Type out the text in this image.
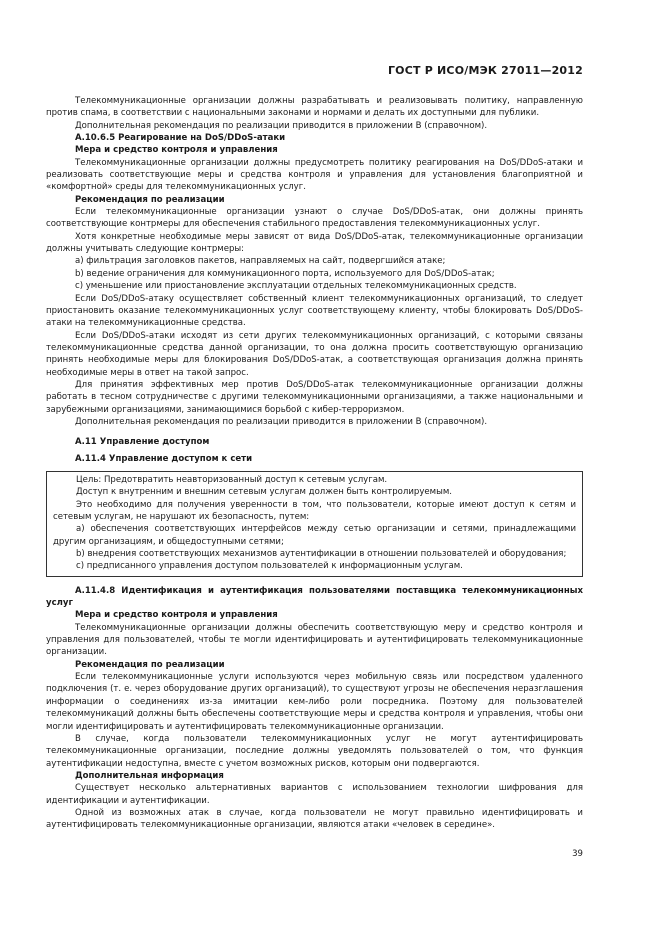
ГОСТ Р ИСО/МЭК 27011—2012

Телекоммуникационные организации должны разрабатывать и реализовывать политику, направленную против спама, в соответствии с национальными законами и нормами и делать их доступными для публики.

Дополнительная рекомендация по реализации приводится в приложении В (справочном).

А.10.6.5 Реагирование на DoS/DDoS-атаки

Мера и средство контроля и управления

Телекоммуникационные организации должны предусмотреть политику реагирования на DoS/DDoS-атаки и реализовать соответствующие меры и средства контроля и управления для установления благоприятной и «комфортной» среды для телекоммуникационных услуг.

Рекомендация по реализации

Если телекоммуникационные организации узнают о случае DoS/DDoS-атак, они должны принять соответствующие контрмеры для обеспечения стабильного предоставления телекоммуникационных услуг.

Хотя конкретные необходимые меры зависят от вида DoS/DDoS-атак, телекоммуникационные организации должны учитывать следующие контрмеры:

а) фильтрация заголовков пакетов, направляемых на сайт, подвергшийся атаке;

b) ведение ограничения для коммуникационного порта, используемого для DoS/DDoS-атак;

с) уменьшение или приостановление эксплуатации отдельных телекоммуникационных средств.

Если DoS/DDoS-атаку осуществляет собственный клиент телекоммуникационных организаций, то следует приостановить оказание телекоммуникационных услуг соответствующему клиенту, чтобы блокировать DoS/DDoS-атаки на телекоммуникационные средства.

Если DoS/DDoS-атаки исходят из сети других телекоммуникационных организаций, с которыми связаны телекоммуникационные средства данной организации, то она должна просить соответствующую организацию принять необходимые меры для блокирования DoS/DDoS-атак, а соответствующая организация должна принять необходимые меры в ответ на такой запрос.

Для принятия эффективных мер против DoS/DDoS-атак телекоммуникационные организации должны работать в тесном сотрудничестве с другими телекоммуникационными организациями, а также национальными и зарубежными организациями, занимающимися борьбой с кибер-терроризмом.

Дополнительная рекомендация по реализации приводится в приложении В (справочном).

А.11 Управление доступом

А.11.4 Управление доступом к сети

Цель: Предотвратить неавторизованный доступ к сетевым услугам.

Доступ к внутренним и внешним сетевым услугам должен быть контролируемым.

Это необходимо для получения уверенности в том, что пользователи, которые имеют доступ к сетям и сетевым услугам, не нарушают их безопасность, путем:

а) обеспечения соответствующих интерфейсов между сетью организации и сетями, принадлежащими другим организациям, и общедоступными сетями;

b) внедрения соответствующих механизмов аутентификации в отношении пользователей и оборудования;

с) предписанного управления доступом пользователей к информационным услугам.

А.11.4.8 Идентификация и аутентификация пользователями поставщика телекоммуникационных услуг

Мера и средство контроля и управления

Телекоммуникационные организации должны обеспечить соответствующую меру и средство контроля и управления для пользователей, чтобы те могли идентифицировать и аутентифицировать телекоммуникационные организации.

Рекомендация по реализации

Если телекоммуникационные услуги используются через мобильную связь или посредством удаленного подключения (т. е. через оборудование других организаций), то существуют угрозы не обеспечения неразглашения информации о соединениях из-за имитации кем-либо роли посредника. Поэтому для пользователей телекоммуникаций должны быть обеспечены соответствующие меры и средства контроля и управления, чтобы они могли идентифицировать и аутентифицировать телекоммуникационные организации.

В случае, когда пользователи телекоммуникационных услуг не могут аутентифицировать телекоммуникационные организации, последние должны уведомлять пользователей о том, что функция аутентификации недоступна, вместе с учетом возможных рисков, которым они подвергаются.

Дополнительная информация

Существует несколько альтернативных вариантов с использованием технологии шифрования для идентификации и аутентификации.

Одной из возможных атак в случае, когда пользователи не могут правильно идентифицировать и аутентифицировать телекоммуникационные организации, являются атаки «человек в середине».

39
